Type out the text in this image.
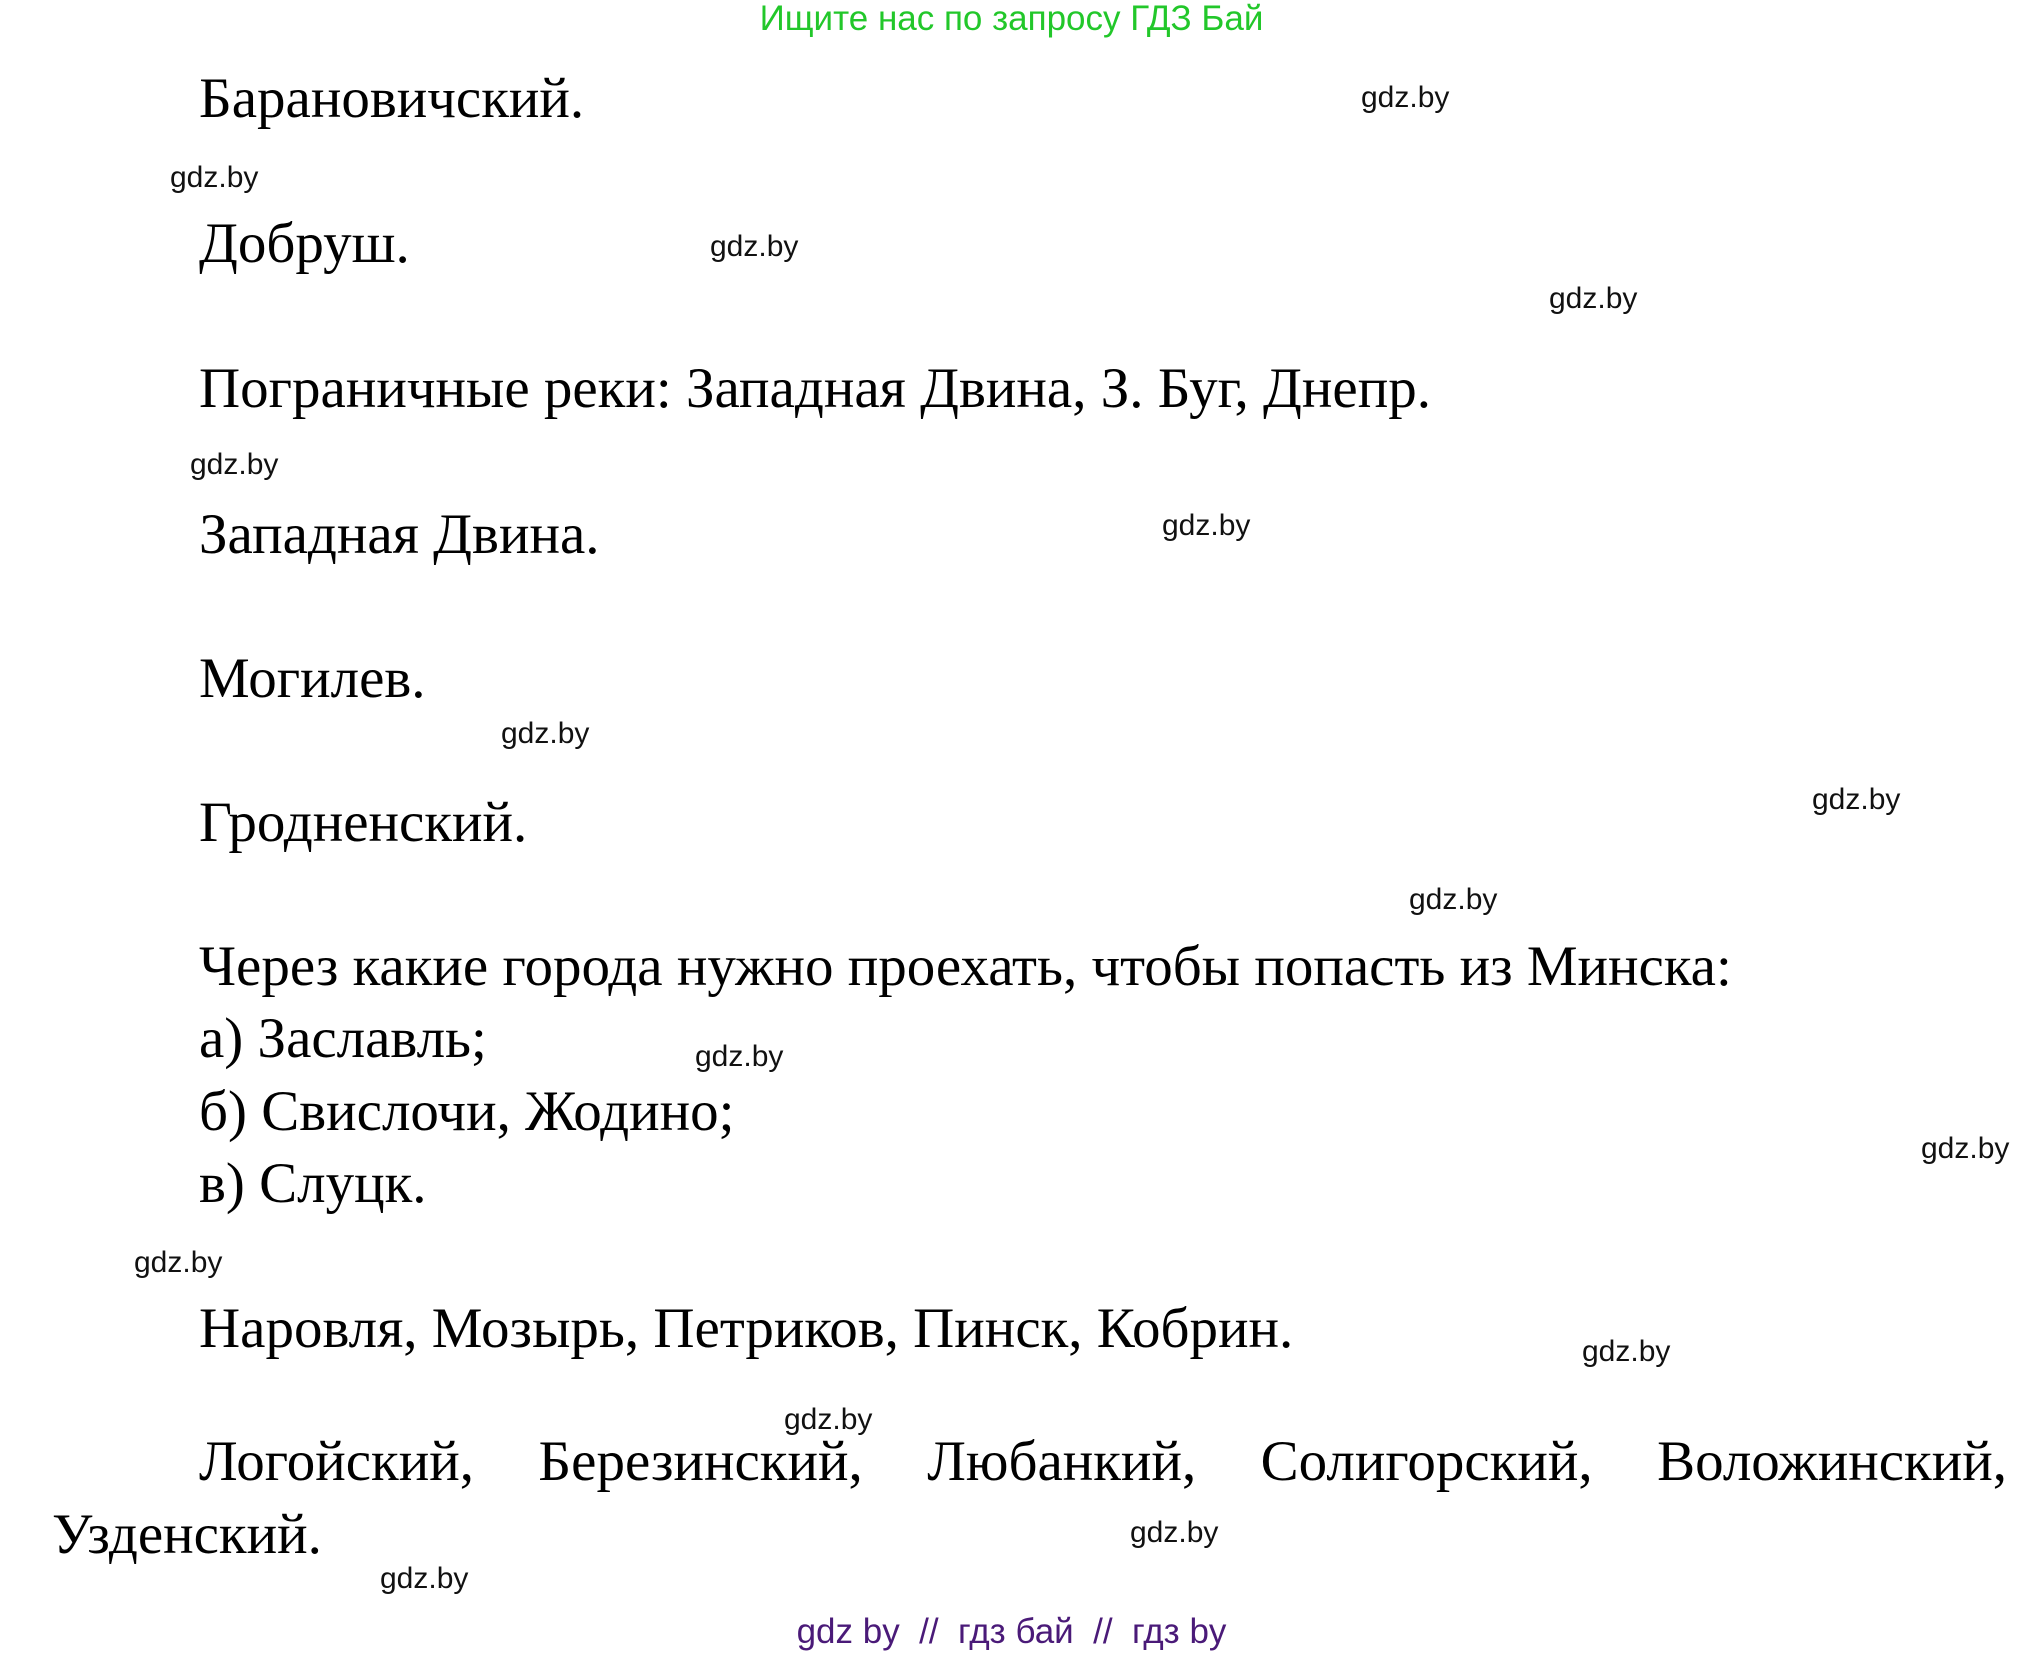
Ищите нас по запросу ГДЗ Бай
Барановичский.
Добруш.
Пограничные реки: Западная Двина, З. Буг, Днепр.
Западная Двина.
Могилев.
Гродненский.
Через какие города нужно проехать, чтобы попасть из Минска:
а) Заславль;
б) Свислочи, Жодино;
в) Слуцк.
Наровля, Мозырь, Петриков, Пинск, Кобрин.
Логойский, Березинский, Любанкий, Солигорский, Воложинский, Узденский.
gdz.by
gdz.by
gdz.by
gdz.by
gdz.by
gdz.by
gdz.by
gdz.by
gdz.by
gdz.by
gdz.by
gdz.by
gdz.by
gdz.by
gdz.by
gdz.by
gdz by  //  гдз бай  //  гдз by
